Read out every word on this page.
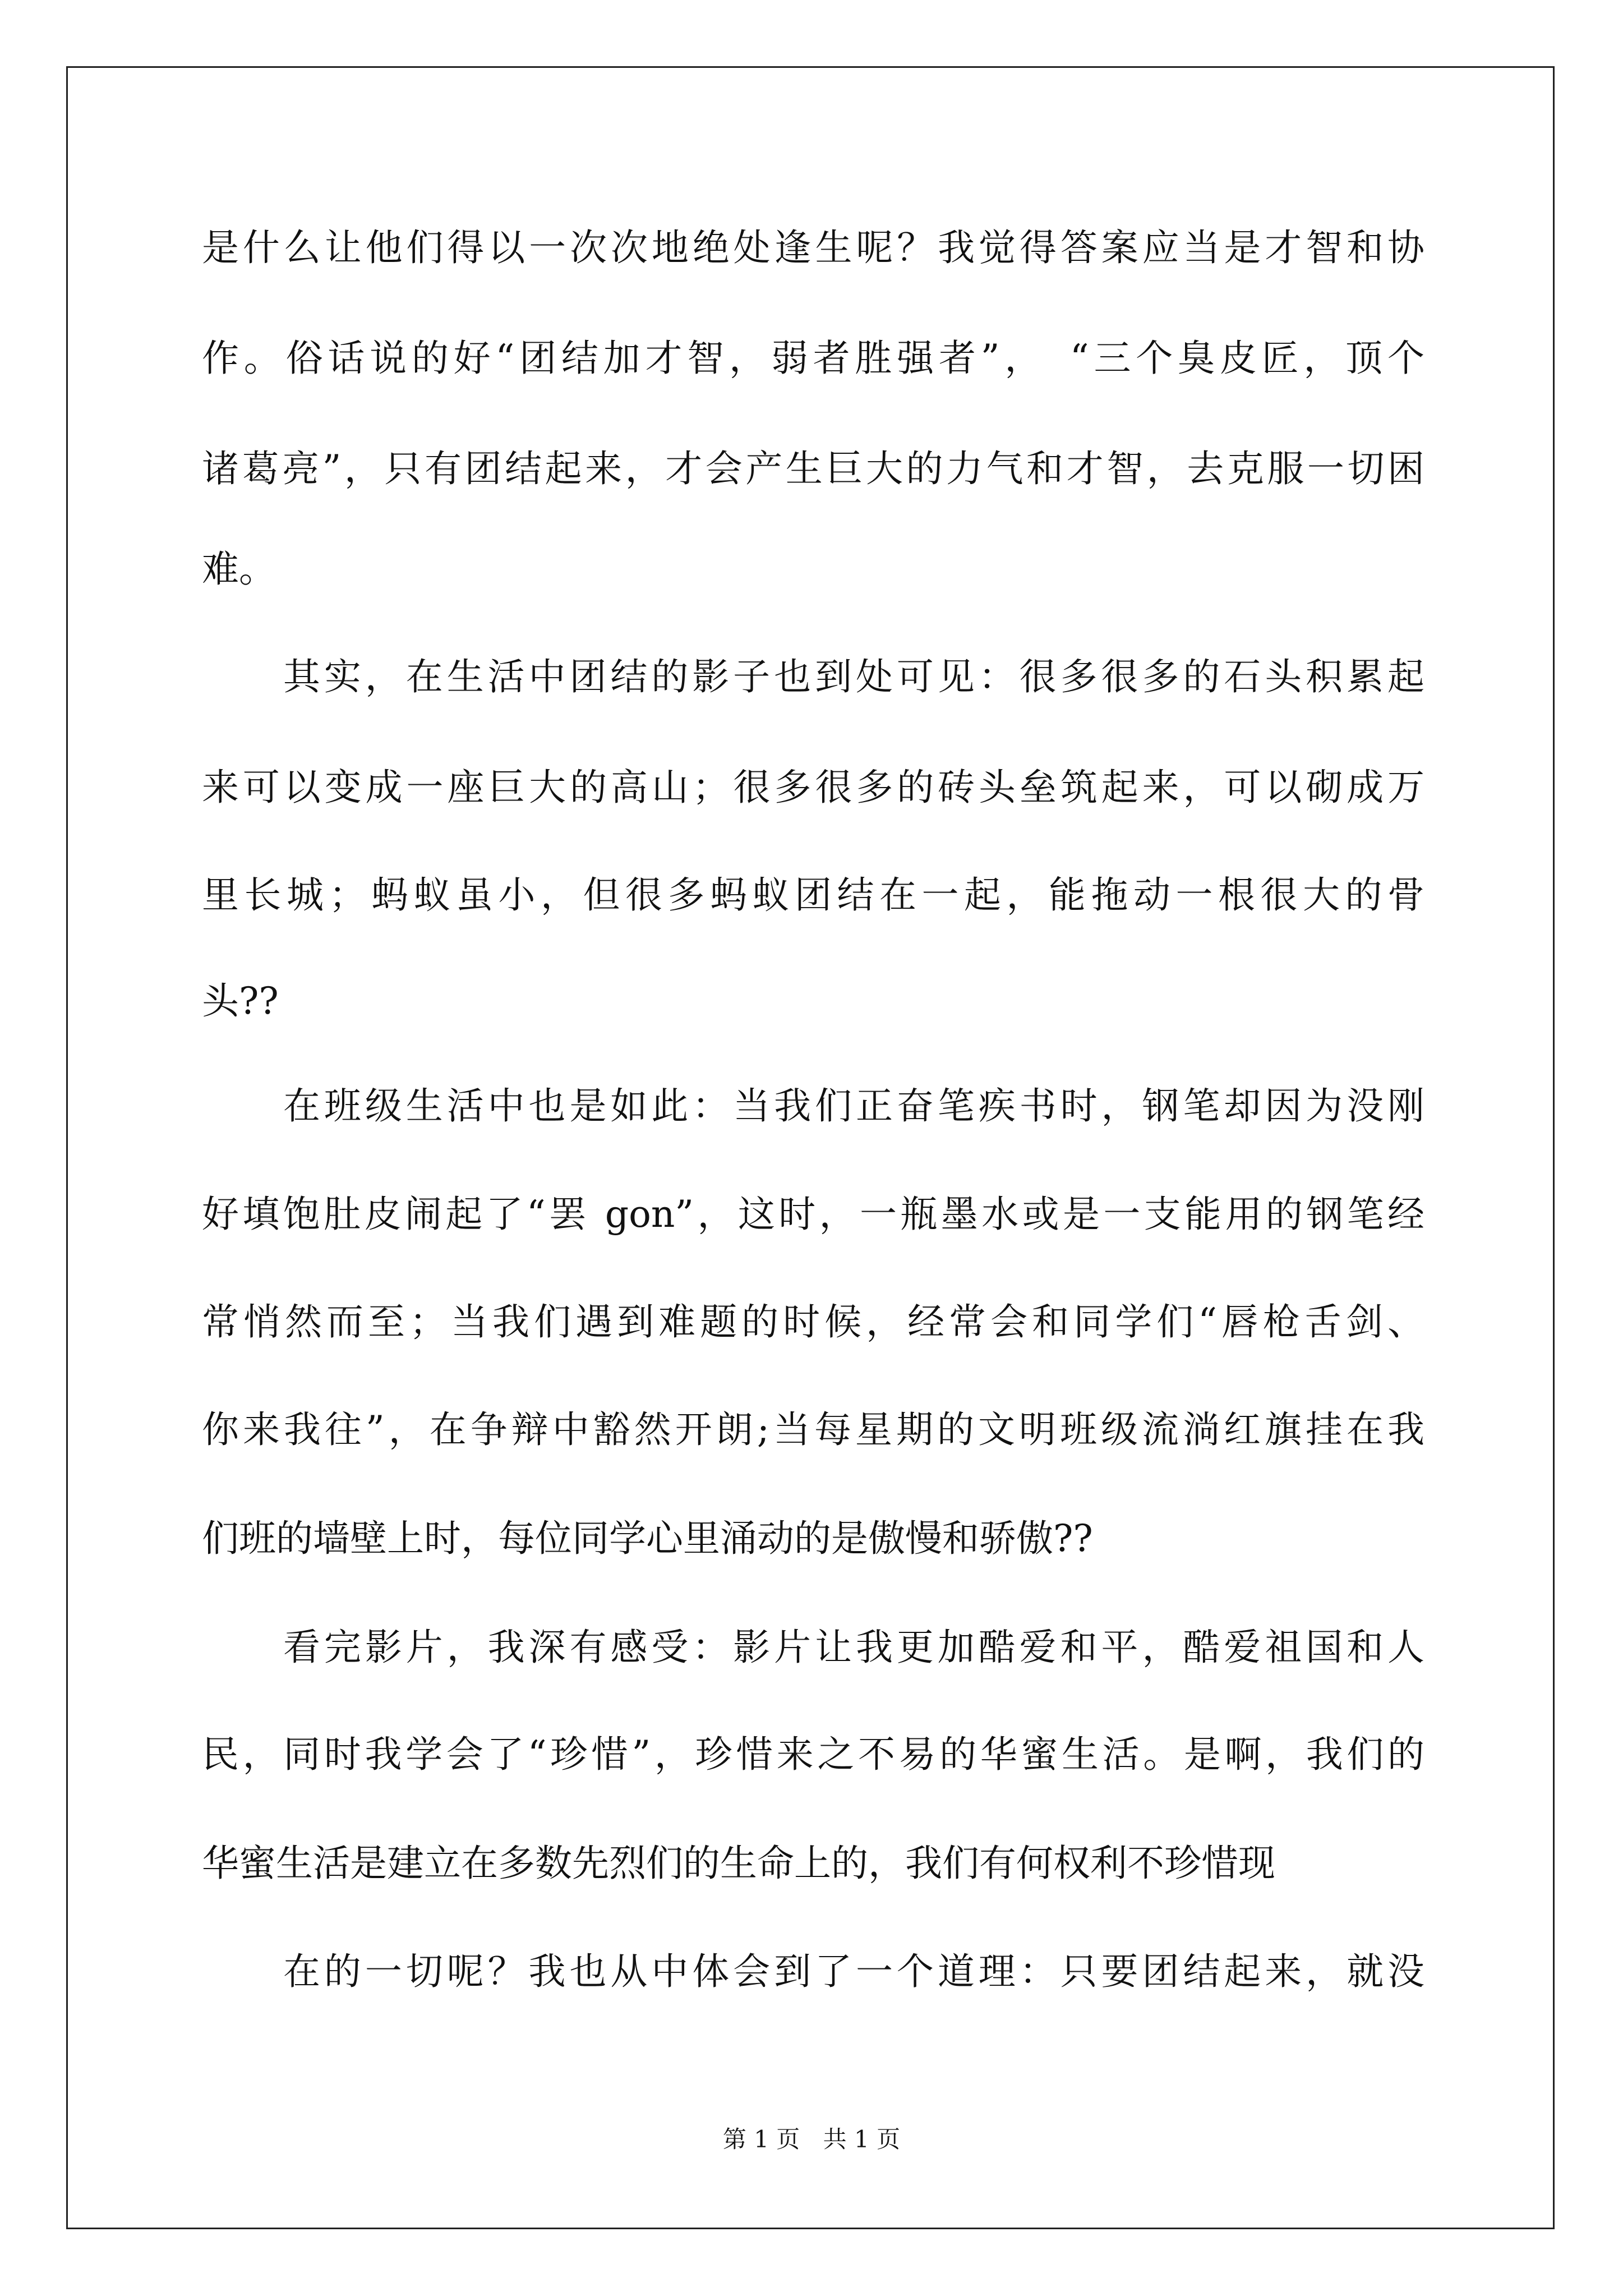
是什么让他们得以一次次地绝处逢生呢？我觉得答案应当是才智和协
作。俗话说的好“团结加才智，弱者胜强者”，　“三个臭皮匠，顶个
诸葛亮”，只有团结起来，才会产生巨大的力气和才智，去克服一切困
难。
其实，在生活中团结的影子也到处可见：很多很多的石头积累起
来可以变成一座巨大的高山；很多很多的砖头垒筑起来，可以砌成万
里长城；蚂蚁虽小，但很多蚂蚁团结在一起，能拖动一根很大的骨
头??
在班级生活中也是如此：当我们正奋笔疾书时，钢笔却因为没刚
好填饱肚皮闹起了“罢 gon”，这时，一瓶墨水或是一支能用的钢笔经
常悄然而至；当我们遇到难题的时候，经常会和同学们“唇枪舌剑、
你来我往”，在争辩中豁然开朗;当每星期的文明班级流淌红旗挂在我
们班的墙壁上时，每位同学心里涌动的是傲慢和骄傲??
看完影片，我深有感受：影片让我更加酷爱和平，酷爱祖国和人
民，同时我学会了“珍惜”，珍惜来之不易的华蜜生活。是啊，我们的
华蜜生活是建立在多数先烈们的生命上的，我们有何权利不珍惜现
在的一切呢？我也从中体会到了一个道理：只要团结起来，就没
第 1 页 共 1 页
